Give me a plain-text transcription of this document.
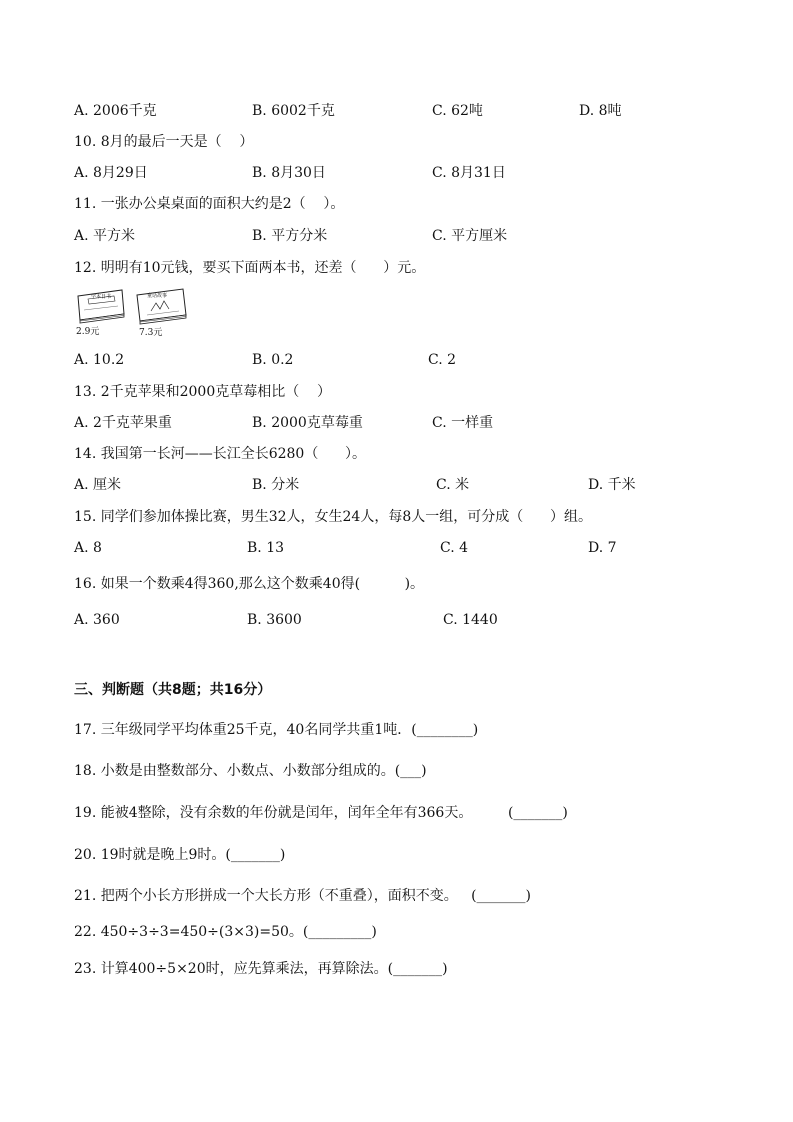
A. 2006千克	B. 6002千克	C. 62吨	D. 8吨
10. 8月的最后一天是（    ）
A. 8月29日	B. 8月30日	C. 8月31日
11. 一张办公桌桌面的面积大约是2（    ）。
A. 平方米	B. 平方分米	C. 平方厘米
12. 明明有10元钱，要买下面两本书，还差（      ）元。
学本日书
2.9元
童话故事
7.3元
A. 10.2	B. 0.2	C. 2
13. 2千克苹果和2000克草莓相比（    ）
A. 2千克苹果重	B. 2000克草莓重	C. 一样重
14. 我国第一长河——长江全长6280（      ）。
A. 厘米	B. 分米	C. 米	D. 千米
15. 同学们参加体操比赛，男生32人，女生24人，每8人一组，可分成（      ）组。
A. 8	B. 13	C. 4	D. 7
16. 如果一个数乘4得360,那么这个数乘40得(          )。
A. 360	B. 3600	C. 1440
三、判断题（共8题；共16分）
17. 三年级同学平均体重25千克，40名同学共重1吨．(________)
18. 小数是由整数部分、小数点、小数部分组成的。(___)
19. 能被4整除，没有余数的年份就是闰年，闰年全年有366天。        (_______)
20. 19时就是晚上9时。(_______)
21. 把两个小长方形拼成一个大长方形（不重叠），面积不变。   (_______)
22. 450÷3÷3=450÷(3×3)=50。(_________)
23. 计算400÷5×20时，应先算乘法，再算除法。(_______)
